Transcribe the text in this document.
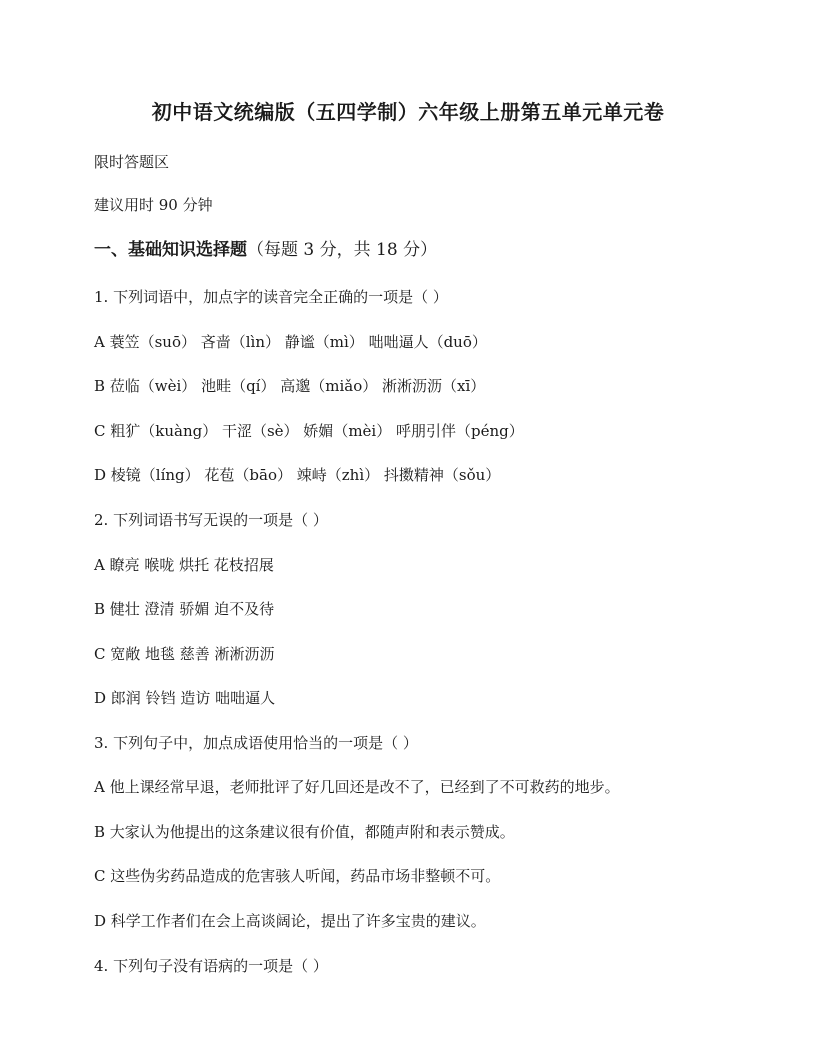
初中语文统编版（五四学制）六年级上册第五单元单元卷
限时答题区
建议用时 90 分钟
一、基础知识选择题（每题 3 分，共 18 分）
1. 下列词语中，加点字的读音完全正确的一项是（ ）
A 蓑笠（suō） 吝啬（lìn） 静谧（mì） 咄咄逼人（duō）
B 莅临（wèi） 池畦（qí） 高邈（miǎo） 淅淅沥沥（xī）
C 粗犷（kuàng） 干涩（sè） 娇媚（mèi） 呼朋引伴（péng）
D 棱镜（líng） 花苞（bāo） 竦峙（zhì） 抖擞精神（sǒu）
2. 下列词语书写无误的一项是（ ）
A 瞭亮 喉咙 烘托 花枝招展
B 健壮 澄清 骄媚 迫不及待
C 宽敞 地毯 慈善 淅淅沥沥
D 郎润 铃铛 造访 咄咄逼人
3. 下列句子中，加点成语使用恰当的一项是（ ）
A 他上课经常早退，老师批评了好几回还是改不了，已经到了不可救药的地步。
B 大家认为他提出的这条建议很有价值，都随声附和表示赞成。
C 这些伪劣药品造成的危害骇人听闻，药品市场非整顿不可。
D 科学工作者们在会上高谈阔论，提出了许多宝贵的建议。
4. 下列句子没有语病的一项是（ ）
